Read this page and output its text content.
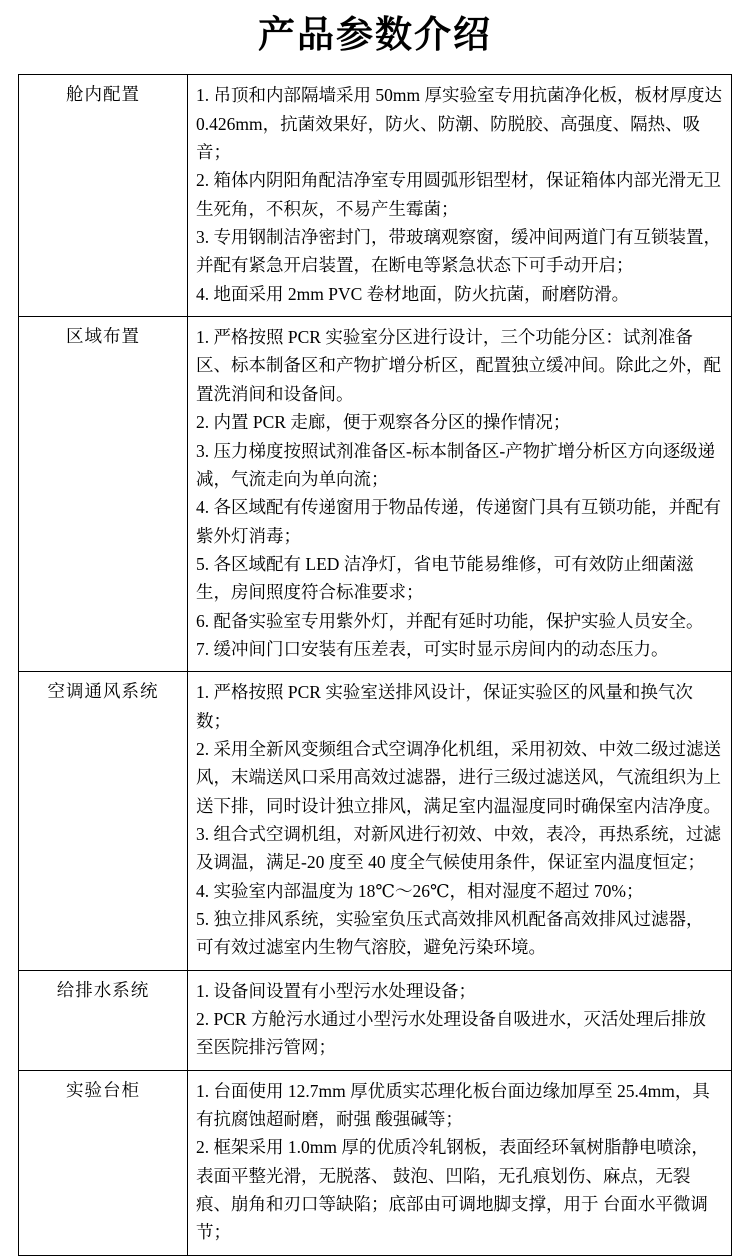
产品参数介绍
舱内配置	1. 吊顶和内部隔墙采用 50mm 厚实验室专用抗菌净化板，板材厚度达 0.426mm，抗菌效果好，防火、防潮、防脱胶、高强度、隔热、吸音；
2. 箱体内阴阳角配洁净室专用圆弧形铝型材，保证箱体内部光滑无卫生死角，不积灰，不易产生霉菌；
3. 专用钢制洁净密封门，带玻璃观察窗，缓冲间两道门有互锁装置，并配有紧急开启装置，在断电等紧急状态下可手动开启；
4. 地面采用 2mm PVC 卷材地面，防火抗菌，耐磨防滑。

区域布置	1. 严格按照 PCR 实验室分区进行设计，三个功能分区：试剂准备区、标本制备区和产物扩增分析区，配置独立缓冲间。除此之外，配置洗消间和设备间。
2. 内置 PCR 走廊，便于观察各分区的操作情况；
3. 压力梯度按照试剂准备区-标本制备区-产物扩增分析区方向逐级递减，气流走向为单向流；
4. 各区域配有传递窗用于物品传递，传递窗门具有互锁功能，并配有紫外灯消毒；
5. 各区域配有 LED 洁净灯，省电节能易维修，可有效防止细菌滋生，房间照度符合标准要求；
6. 配备实验室专用紫外灯，并配有延时功能，保护实验人员安全。
7. 缓冲间门口安装有压差表，可实时显示房间内的动态压力。

空调通风系统	1. 严格按照 PCR 实验室送排风设计，保证实验区的风量和换气次数；
2. 采用全新风变频组合式空调净化机组，采用初效、中效二级过滤送风，末端送风口采用高效过滤器，进行三级过滤送风，气流组织为上送下排，同时设计独立排风，满足室内温湿度同时确保室内洁净度。
3. 组合式空调机组，对新风进行初效、中效，表冷，再热系统，过滤及调温，满足-20 度至 40 度全气候使用条件，保证室内温度恒定；
4. 实验室内部温度为 18℃～26℃，相对湿度不超过 70%；
5. 独立排风系统，实验室负压式高效排风机配备高效排风过滤器， 可有效过滤室内生物气溶胶，避免污染环境。

给排水系统	1. 设备间设置有小型污水处理设备；
2. PCR 方舱污水通过小型污水处理设备自吸进水，灭活处理后排放至医院排污管网；

实验台柜	1. 台面使用 12.7mm 厚优质实芯理化板台面边缘加厚至 25.4mm，具有抗腐蚀超耐磨，耐强 酸强碱等；
2. 框架采用 1.0mm 厚的优质冷轧钢板，表面经环氧树脂静电喷涂，表面平整光滑，无脱落、 鼓泡、凹陷，无孔痕划伤、麻点，无裂痕、崩角和刃口等缺陷；底部由可调地脚支撑，用于 台面水平微调节；
